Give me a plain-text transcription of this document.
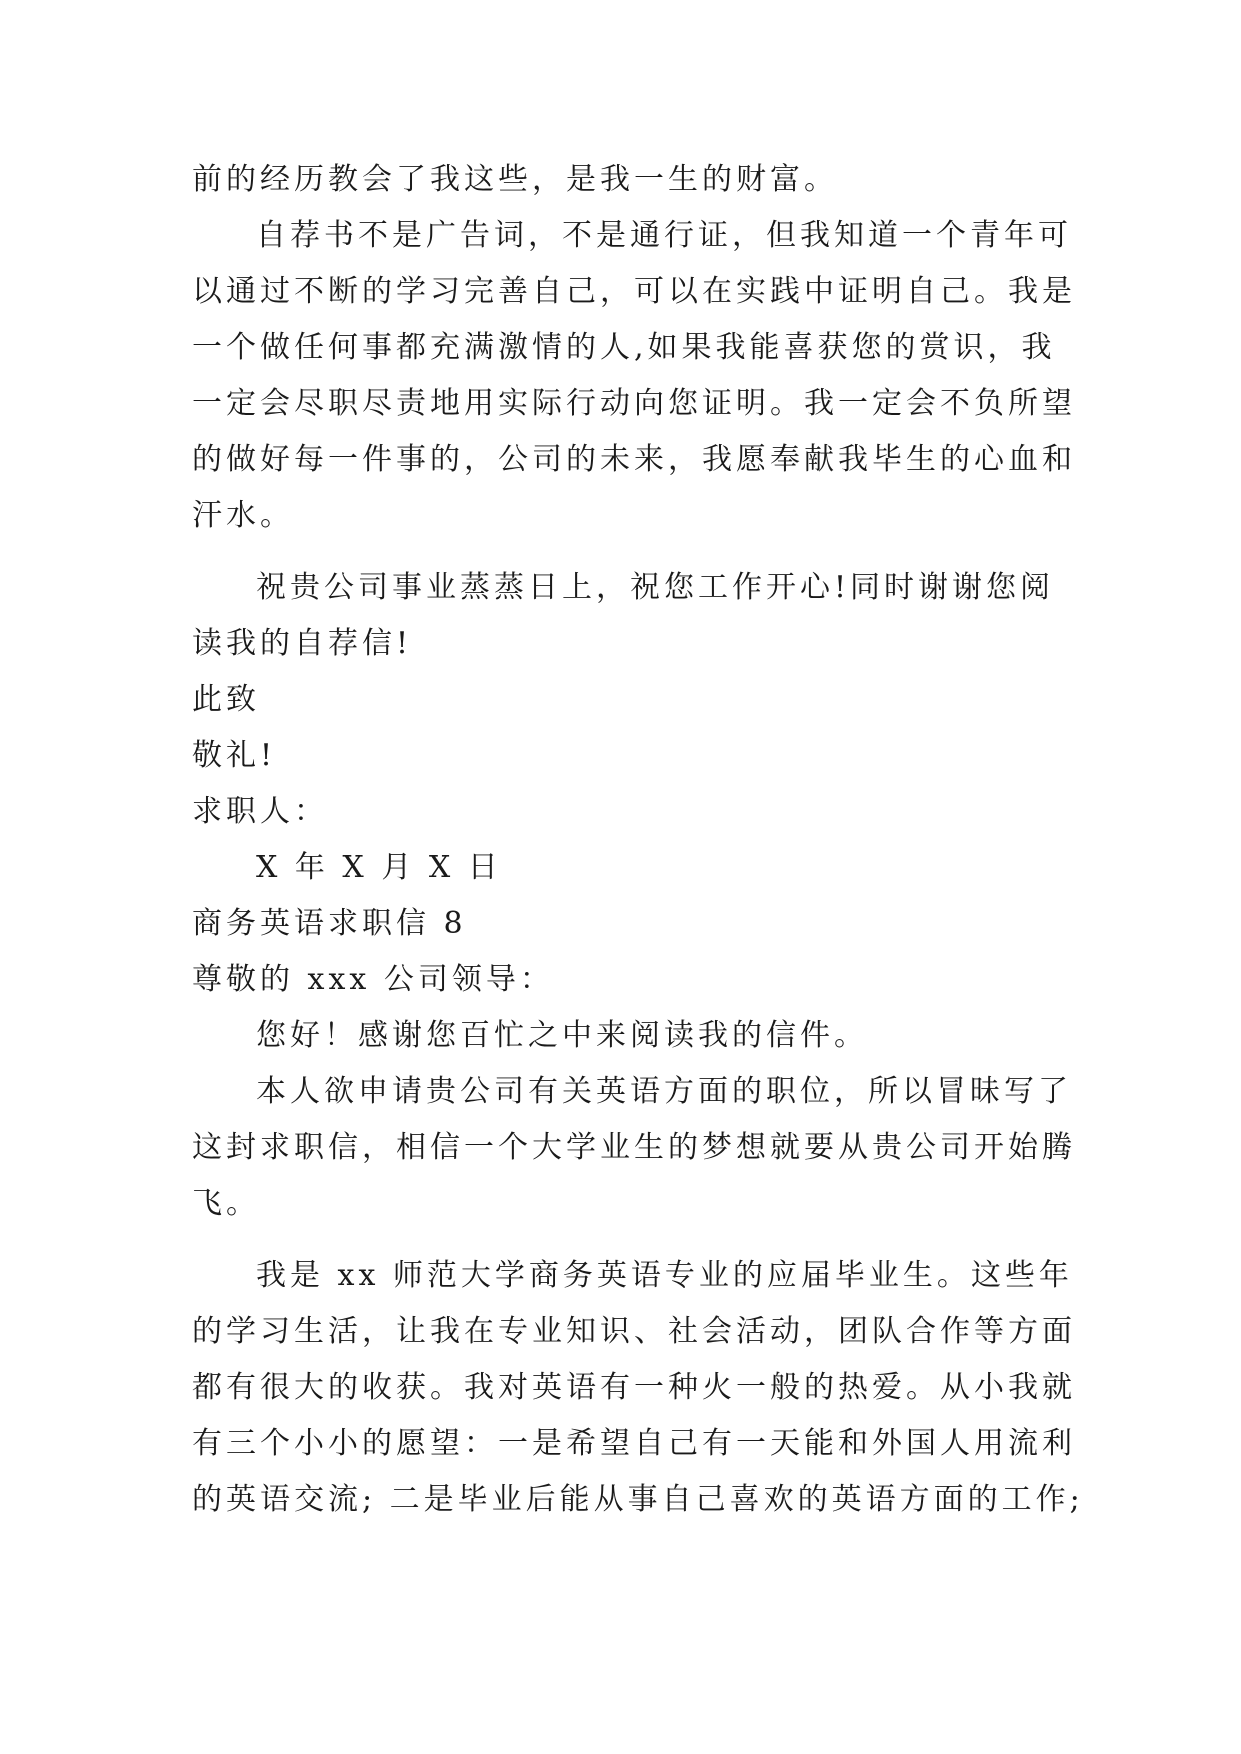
前的经历教会了我这些，是我一生的财富。
自荐书不是广告词，不是通行证，但我知道一个青年可
以通过不断的学习完善自己，可以在实践中证明自己。我是
一个做任何事都充满激情的人,如果我能喜获您的赏识，我
一定会尽职尽责地用实际行动向您证明。我一定会不负所望
的做好每一件事的，公司的未来，我愿奉献我毕生的心血和
汗水。
祝贵公司事业蒸蒸日上，祝您工作开心!同时谢谢您阅
读我的自荐信!
此致
敬礼!
求职人：
X 年 X 月 X 日
商务英语求职信 8
尊敬的 xxx 公司领导：
您好！感谢您百忙之中来阅读我的信件。
本人欲申请贵公司有关英语方面的职位，所以冒昧写了
这封求职信，相信一个大学业生的梦想就要从贵公司开始腾
飞。
我是 xx 师范大学商务英语专业的应届毕业生。这些年
的学习生活，让我在专业知识、社会活动，团队合作等方面
都有很大的收获。我对英语有一种火一般的热爱。从小我就
有三个小小的愿望：一是希望自己有一天能和外国人用流利
的英语交流; 二是毕业后能从事自己喜欢的英语方面的工作;
